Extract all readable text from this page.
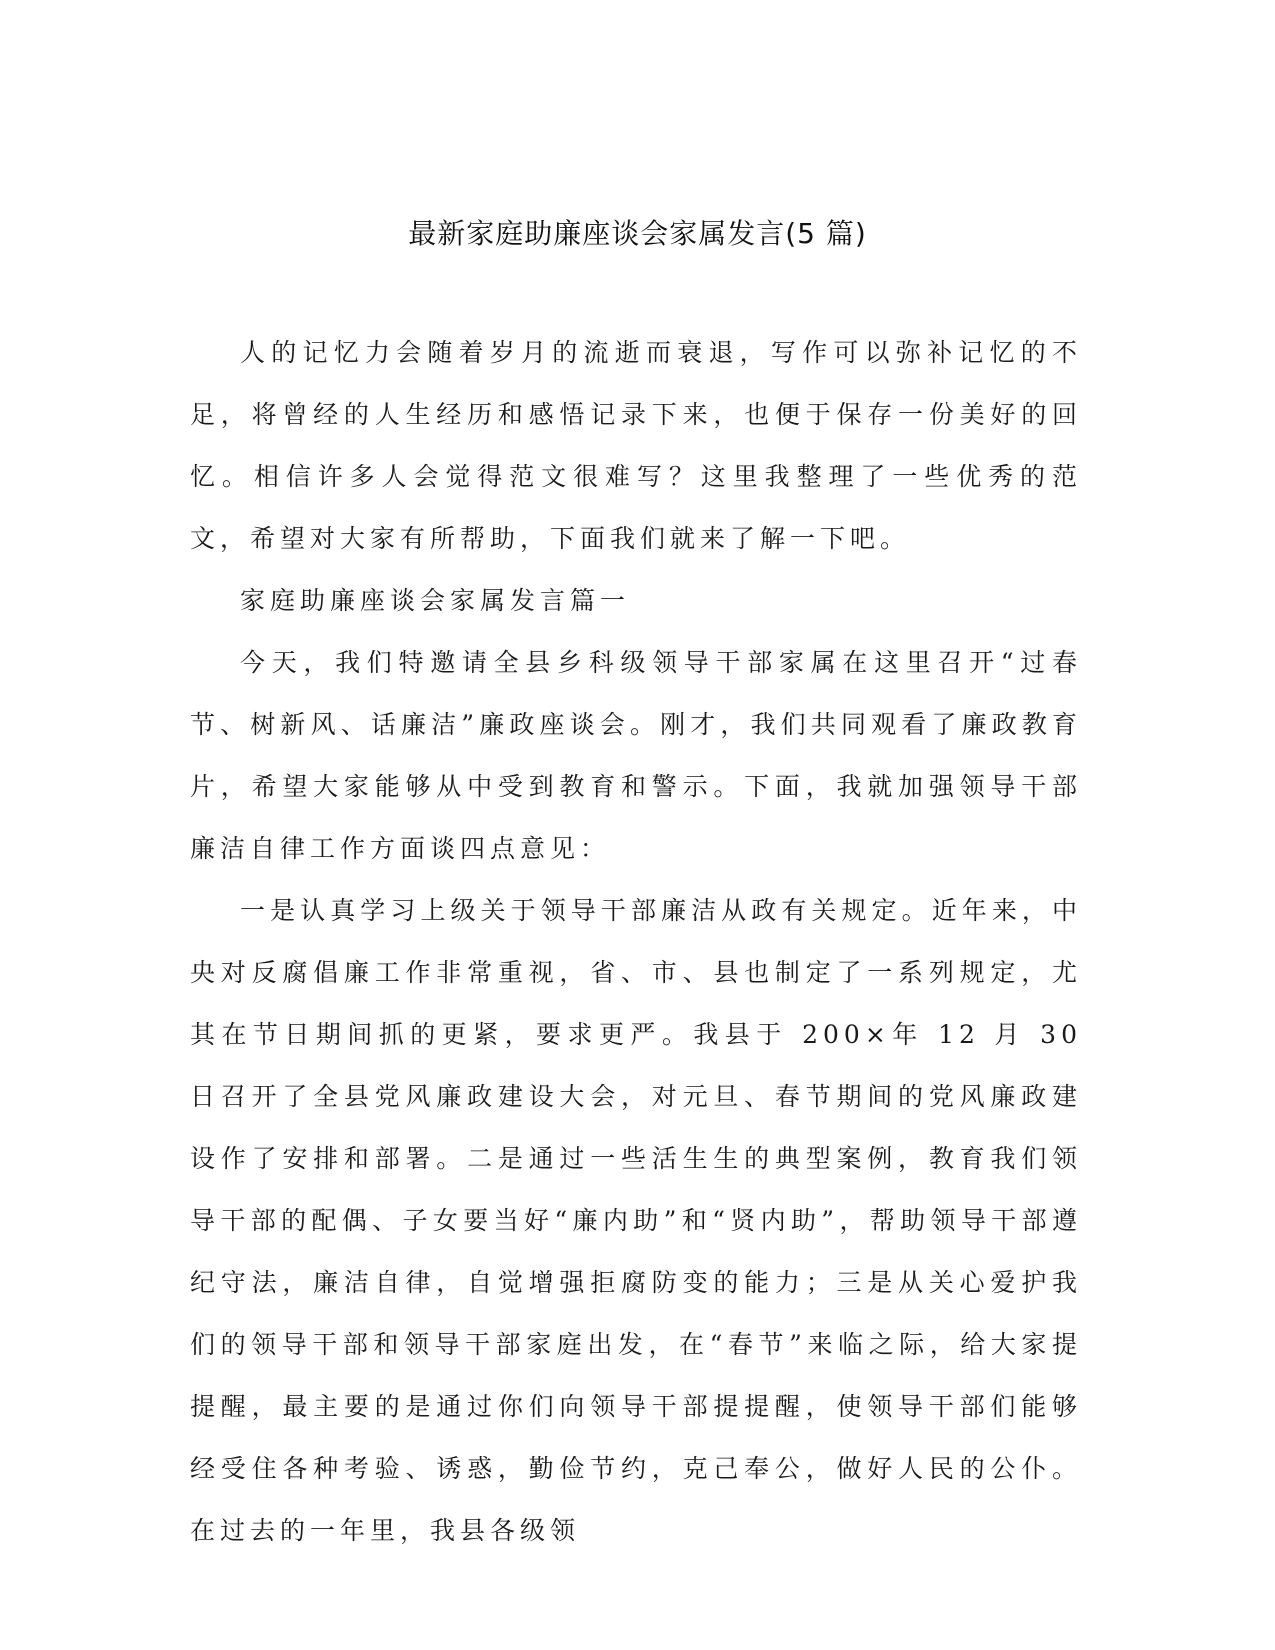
最新家庭助廉座谈会家属发言(5 篇)

人的记忆力会随着岁月的流逝而衰退，写作可以弥补记忆的不足，将曾经的人生经历和感悟记录下来，也便于保存一份美好的回忆。相信许多人会觉得范文很难写？这里我整理了一些优秀的范文，希望对大家有所帮助，下面我们就来了解一下吧。

家庭助廉座谈会家属发言篇一

今天，我们特邀请全县乡科级领导干部家属在这里召开“过春节、树新风、话廉洁”廉政座谈会。刚才，我们共同观看了廉政教育片，希望大家能够从中受到教育和警示。下面，我就加强领导干部廉洁自律工作方面谈四点意见：

一是认真学习上级关于领导干部廉洁从政有关规定。近年来，中央对反腐倡廉工作非常重视，省、市、县也制定了一系列规定，尤其在节日期间抓的更紧，要求更严。我县于 200×年 12 月 30 日召开了全县党风廉政建设大会，对元旦、春节期间的党风廉政建设作了安排和部署。二是通过一些活生生的典型案例，教育我们领导干部的配偶、子女要当好“廉内助”和“贤内助”，帮助领导干部遵纪守法，廉洁自律，自觉增强拒腐防变的能力；三是从关心爱护我们的领导干部和领导干部家庭出发，在“春节”来临之际，给大家提提醒，最主要的是通过你们向领导干部提提醒，使领导干部们能够经受住各种考验、诱惑，勤俭节约，克己奉公，做好人民的公仆。在过去的一年里，我县各级领
